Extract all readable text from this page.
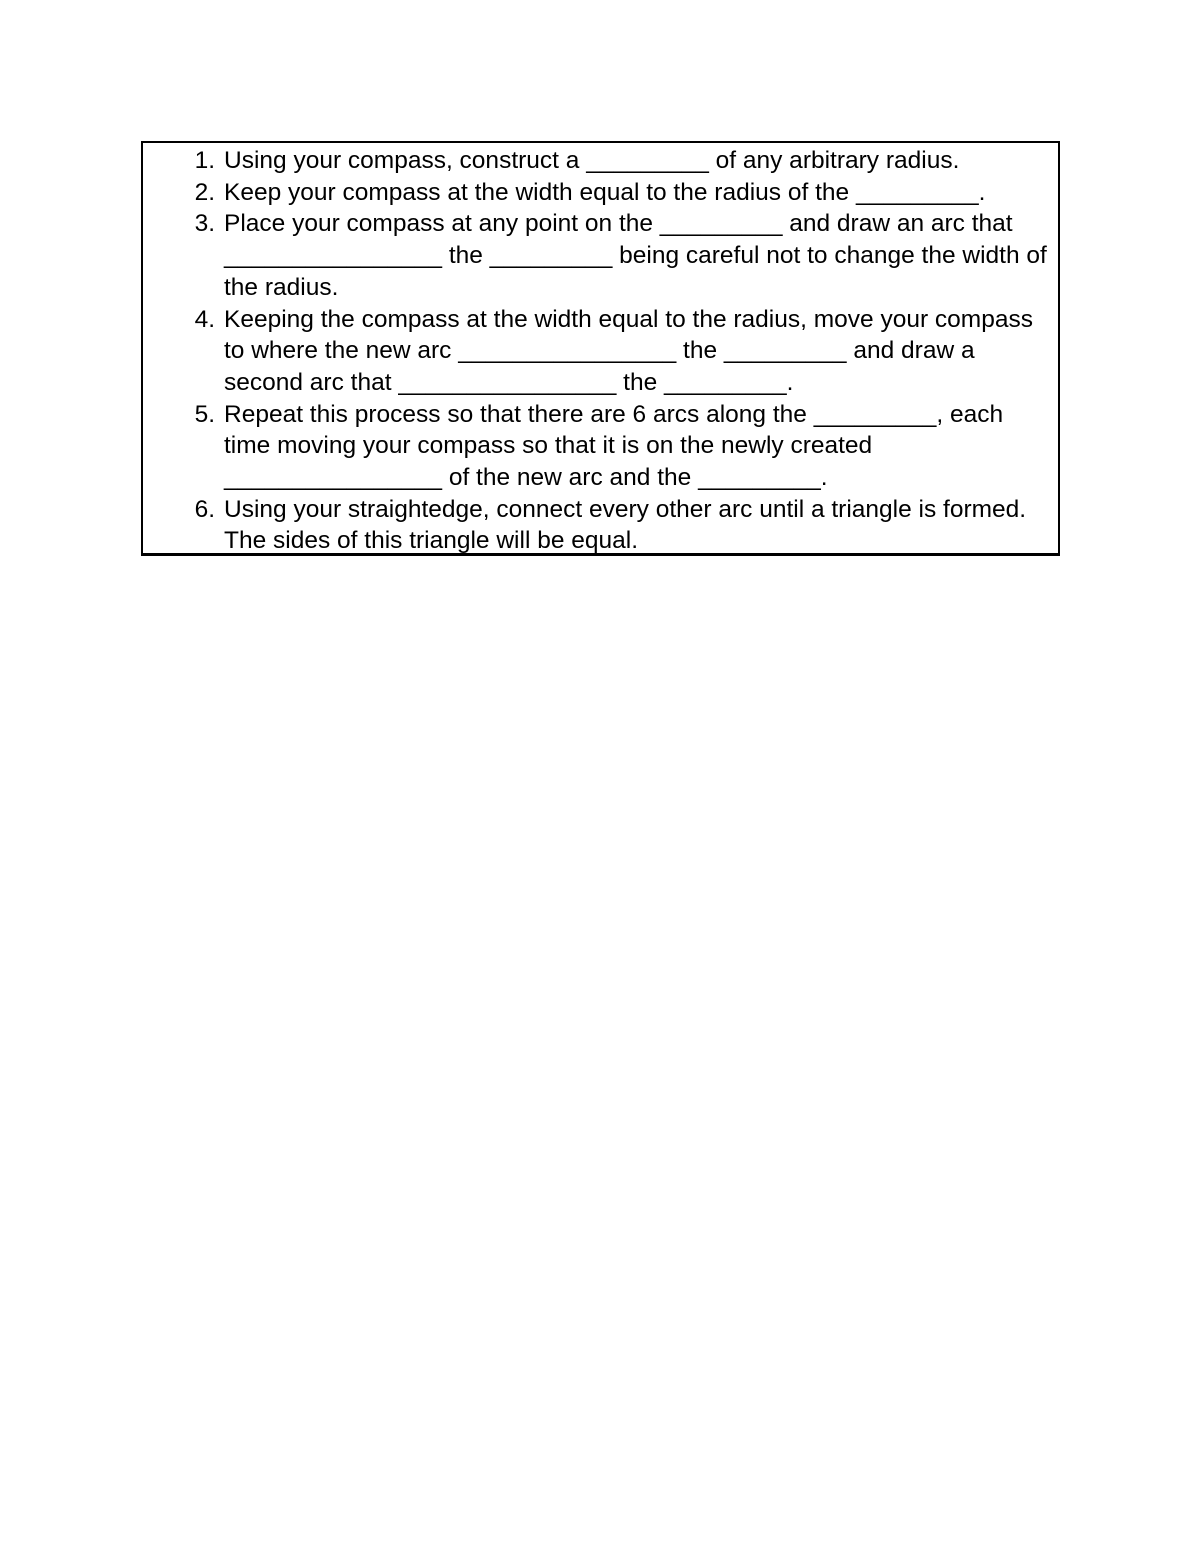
1. Using your compass, construct a _________ of any arbitrary radius.
2. Keep your compass at the width equal to the radius of the _________.
3. Place your compass at any point on the _________ and draw an arc that ________________ the _________ being careful not to change the width of the radius.
4. Keeping the compass at the width equal to the radius, move your compass to where the new arc ________________ the _________ and draw a second arc that ________________ the _________.
5. Repeat this process so that there are 6 arcs along the _________, each time moving your compass so that it is on the newly created ________________ of the new arc and the _________.
6. Using your straightedge, connect every other arc until a triangle is formed. The sides of this triangle will be equal.
